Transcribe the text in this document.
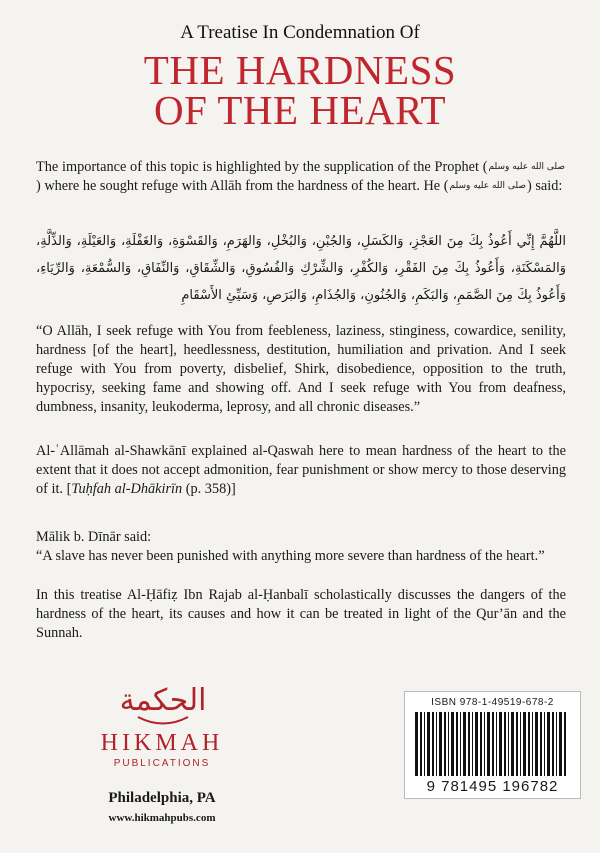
A Treatise In Condemnation Of
THE HARDNESS
OF THE HEART

The importance of this topic is highlighted by the supplication of the Prophet (صلى الله عليه وسلم) where he sought refuge with Allāh from the hardness of the heart. He (صلى الله عليه وسلم) said:

اللَّهُمَّ إِنِّي أَعُوذُ بِكَ مِنَ العَجْزِ، وَالكَسَلِ، وَالجُبْنِ، وَالبُخْلِ، وَالهَرَمِ، وَالقَسْوَةِ، وَالغَفْلَةِ، وَالعَيْلَةِ، وَالذِّلَّةِ، وَالمَسْكَنَةِ، وَأَعُوذُ بِكَ مِنَ الفَقْرِ، وَالكُفْرِ، وَالشِّرْكِ وَالفُسُوقِ، وَالشِّقَاقِ، وَالنِّفَاقِ، وَالسُّمْعَةِ، وَالرِّيَاءِ، وَأَعُوذُ بِكَ مِنَ الصَّمَمِ، وَالبَكَمِ، وَالجُنُونِ، وَالجُذَامِ، وَالبَرَصِ، وَسَيِّئِ الأَسْقَامِ

“O Allāh, I seek refuge with You from feebleness, laziness, stinginess, cowardice, senility, hardness [of the heart], heedlessness, destitution, humiliation and privation. And I seek refuge with You from poverty, disbelief, Shirk, disobedience, opposition to the truth, hypocrisy, seeking fame and showing off. And I seek refuge with You from deafness, dumbness, insanity, leukoderma, leprosy, and all chronic diseases.”

Al-ʿAllāmah al-Shawkānī explained al-Qaswah here to mean hardness of the heart to the extent that it does not accept admonition, fear punishment or show mercy to those deserving of it. [Tuḥfah al-Dhākirīn (p. 358)]

Mālik b. Dīnār said:

“A slave has never been punished with anything more severe than hardness of the heart.”

In this treatise Al-Ḥāfiẓ Ibn Rajab al-Ḥanbalī scholastically discusses the dangers of the hardness of the heart, its causes and how it can be treated in light of the Qur’ān and the Sunnah.

الحكمة
HIKMAH
PUBLICATIONS
Philadelphia, PA
www.hikmahpubs.com
ISBN 978-1-49519-678-2
9 781495 196782
